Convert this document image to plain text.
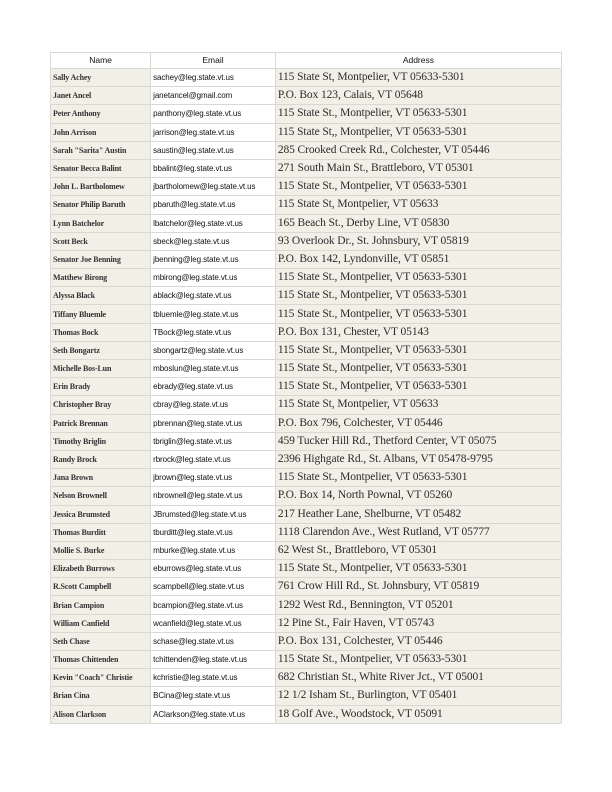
Name	Email	Address
Sally Achey	sachey@leg.state.vt.us	115 State St, Montpelier, VT 05633-5301
Janet Ancel	janetancel@gmail.com	P.O. Box 123, Calais, VT 05648
Peter Anthony	panthony@leg.state.vt.us	115 State St., Montpelier, VT 05633-5301
John Arrison	jarrison@leg.state.vt.us	115 State St,, Montpelier, VT 05633-5301
Sarah "Sarita" Austin	saustin@leg.state.vt.us	285 Crooked Creek Rd., Colchester, VT 05446
Senator Becca Balint	bbalint@leg.state.vt.us	271 South Main St., Brattleboro, VT 05301
John L. Bartholomew	jbartholomew@leg.state.vt.us	115 State St., Montpelier, VT 05633-5301
Senator Philip Baruth	pbaruth@leg.state.vt.us	115 State St, Montpelier, VT 05633
Lynn Batchelor	lbatchelor@leg.state.vt.us	165 Beach St., Derby Line, VT 05830
Scott Beck	sbeck@leg.state.vt.us	93 Overlook Dr., St. Johnsbury, VT 05819
Senator Joe Benning	jbenning@leg.state.vt.us	P.O. Box 142, Lyndonville, VT 05851
Matthew Birong	mbirong@leg.state.vt.us	115 State St., Montpelier, VT 05633-5301
Alyssa Black	ablack@leg.state.vt.us	115 State St., Montpelier, VT 05633-5301
Tiffany Bluemle	tbluemle@leg.state.vt.us	115 State St., Montpelier, VT 05633-5301
Thomas Bock	TBock@leg.state.vt.us	P.O. Box 131, Chester, VT 05143
Seth Bongartz	sbongartz@leg.state.vt.us	115 State St., Montpelier, VT 05633-5301
Michelle Bos-Lun	mboslun@leg.state.vt.us	115 State St., Montpelier, VT 05633-5301
Erin Brady	ebrady@leg.state.vt.us	115 State St., Montpelier, VT 05633-5301
Christopher Bray	cbray@leg.state.vt.us	115 State St, Montpelier, VT 05633
Patrick Brennan	pbrennan@leg.state.vt.us	P.O. Box 796, Colchester, VT 05446
Timothy Briglin	tbriglin@leg.state.vt.us	459 Tucker Hill Rd., Thetford Center, VT 05075
Randy Brock	rbrock@leg.state.vt.us	2396 Highgate Rd., St. Albans, VT 05478-9795
Jana Brown	jbrown@leg.state.vt.us	115 State St., Montpelier, VT 05633-5301
Nelson Brownell	nbrownell@leg.state.vt.us	P.O. Box 14, North Pownal, VT 05260
Jessica Brumsted	JBrumsted@leg.state.vt.us	217 Heather Lane, Shelburne, VT 05482
Thomas Burditt	tburditt@leg.state.vt.us	1118 Clarendon Ave., West Rutland, VT 05777
Mollie S. Burke	mburke@leg.state.vt.us	62 West St., Brattleboro, VT 05301
Elizabeth Burrows	eburrows@leg.state.vt.us	115 State St., Montpelier, VT 05633-5301
R.Scott Campbell	scampbell@leg.state.vt.us	761 Crow Hill Rd., St. Johnsbury, VT 05819
Brian Campion	bcampion@leg.state.vt.us	1292 West Rd., Bennington, VT 05201
William Canfield	wcanfield@leg.state.vt.us	12 Pine St., Fair Haven, VT 05743
Seth Chase	schase@leg.state.vt.us	P.O. Box 131, Colchester, VT 05446
Thomas Chittenden	tchittenden@leg.state.vt.us	115 State St., Montpelier, VT 05633-5301
Kevin "Coach" Christie	kchristie@leg.state.vt.us	682 Christian St., White River Jct., VT 05001
Brian Cina	BCina@leg.state.vt.us	12 1/2 Isham St., Burlington, VT 05401
Alison Clarkson	AClarkson@leg.state.vt.us	18 Golf Ave., Woodstock, VT 05091
